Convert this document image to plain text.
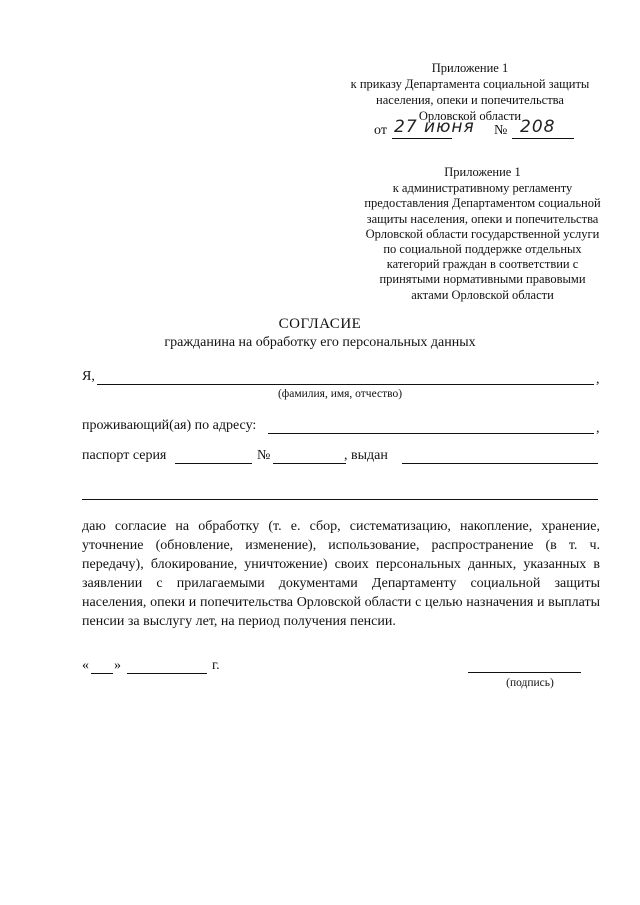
Приложение 1
к приказу Департамента социальной защиты
населения, опеки и попечительства
Орловской области
от 27 июня № 208
Приложение 1
к административному регламенту
предоставления Департаментом социальной
защиты населения, опеки и попечительства
Орловской области государственной услуги
по социальной поддержке отдельных
категорий граждан в соответствии с
принятыми нормативными правовыми
актами Орловской области
СОГЛАСИЕ
гражданина на обработку его персональных данных
Я,	,
(фамилия, имя, отчество)
проживающий(ая) по адресу:	,
паспорт серия	№	, выдан
даю согласие на обработку (т. е. сбор, систематизацию, накопление, хранение, уточнение (обновление, изменение), использование, распространение (в т. ч. передачу), блокирование, уничтожение) своих персональных данных, указанных в заявлении с прилагаемыми документами Департаменту социальной защиты населения, опеки и попечительства Орловской области с целью назначения и выплаты пенсии за выслугу лет, на период получения пенсии.
« »	г.
(подпись)
